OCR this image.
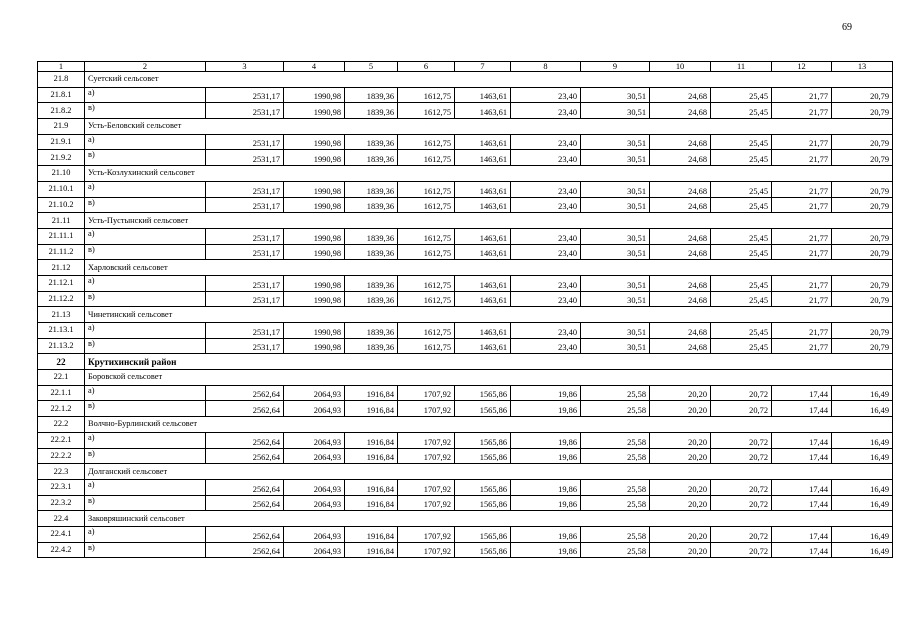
69
1	2	3	4	5	6	7	8	9	10	11	12	13
21.8	Суетский сельсовет											
21.8.1	а)	2531,17	1990,98	1839,36	1612,75	1463,61	23,40	30,51	24,68	25,45	21,77	20,79
21.8.2	в)	2531,17	1990,98	1839,36	1612,75	1463,61	23,40	30,51	24,68	25,45	21,77	20,79
21.9	Усть-Беловский сельсовет											
21.9.1	а)	2531,17	1990,98	1839,36	1612,75	1463,61	23,40	30,51	24,68	25,45	21,77	20,79
21.9.2	в)	2531,17	1990,98	1839,36	1612,75	1463,61	23,40	30,51	24,68	25,45	21,77	20,79
21.10	Усть-Козлухинский сельсовет											
21.10.1	а)	2531,17	1990,98	1839,36	1612,75	1463,61	23,40	30,51	24,68	25,45	21,77	20,79
21.10.2	в)	2531,17	1990,98	1839,36	1612,75	1463,61	23,40	30,51	24,68	25,45	21,77	20,79
21.11	Усть-Пустынский сельсовет											
21.11.1	а)	2531,17	1990,98	1839,36	1612,75	1463,61	23,40	30,51	24,68	25,45	21,77	20,79
21.11.2	в)	2531,17	1990,98	1839,36	1612,75	1463,61	23,40	30,51	24,68	25,45	21,77	20,79
21.12	Харловский сельсовет											
21.12.1	а)	2531,17	1990,98	1839,36	1612,75	1463,61	23,40	30,51	24,68	25,45	21,77	20,79
21.12.2	в)	2531,17	1990,98	1839,36	1612,75	1463,61	23,40	30,51	24,68	25,45	21,77	20,79
21.13	Чинетинский сельсовет											
21.13.1	а)	2531,17	1990,98	1839,36	1612,75	1463,61	23,40	30,51	24,68	25,45	21,77	20,79
21.13.2	в)	2531,17	1990,98	1839,36	1612,75	1463,61	23,40	30,51	24,68	25,45	21,77	20,79
22	Крутихинский район											
22.1	Боровской сельсовет											
22.1.1	а)	2562,64	2064,93	1916,84	1707,92	1565,86	19,86	25,58	20,20	20,72	17,44	16,49
22.1.2	в)	2562,64	2064,93	1916,84	1707,92	1565,86	19,86	25,58	20,20	20,72	17,44	16,49
22.2	Волчно-Бурлинский сельсовет											
22.2.1	а)	2562,64	2064,93	1916,84	1707,92	1565,86	19,86	25,58	20,20	20,72	17,44	16,49
22.2.2	в)	2562,64	2064,93	1916,84	1707,92	1565,86	19,86	25,58	20,20	20,72	17,44	16,49
22.3	Долганский сельсовет											
22.3.1	а)	2562,64	2064,93	1916,84	1707,92	1565,86	19,86	25,58	20,20	20,72	17,44	16,49
22.3.2	в)	2562,64	2064,93	1916,84	1707,92	1565,86	19,86	25,58	20,20	20,72	17,44	16,49
22.4	Заковряшинский сельсовет											
22.4.1	а)	2562,64	2064,93	1916,84	1707,92	1565,86	19,86	25,58	20,20	20,72	17,44	16,49
22.4.2	в)	2562,64	2064,93	1916,84	1707,92	1565,86	19,86	25,58	20,20	20,72	17,44	16,49
